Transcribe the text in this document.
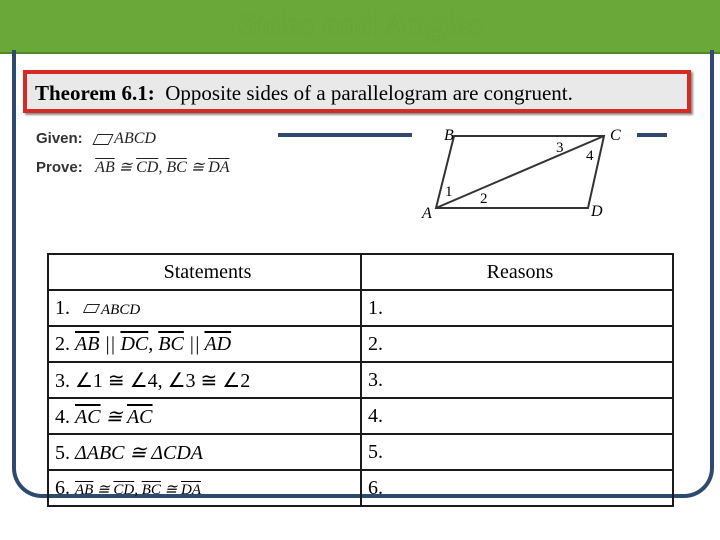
Sides and Angles
Theorem 6.1: Opposite sides of a parallelogram are congruent.
Given: ABCD
Prove: $\overline{AB}$ ≅ $\overline{CD}$, $\overline{BC}$ ≅ $\overline{DA}$
B	C
A	D
1 2
3 4
Statements	Reasons
1. ABCD	1.
2. $\overline{AB}$ || $\overline{DC}$, $\overline{BC}$ || $\overline{AD}$	2.
3. ∠1 ≅ ∠4, ∠3 ≅ ∠2	3.
4. $\overline{AC}$ ≅ $\overline{AC}$	4.
5. ΔABC ≅ ΔCDA	5.
6. $\overline{AB}$ ≅ $\overline{CD}$, $\overline{BC}$ ≅ $\overline{DA}$	6.
